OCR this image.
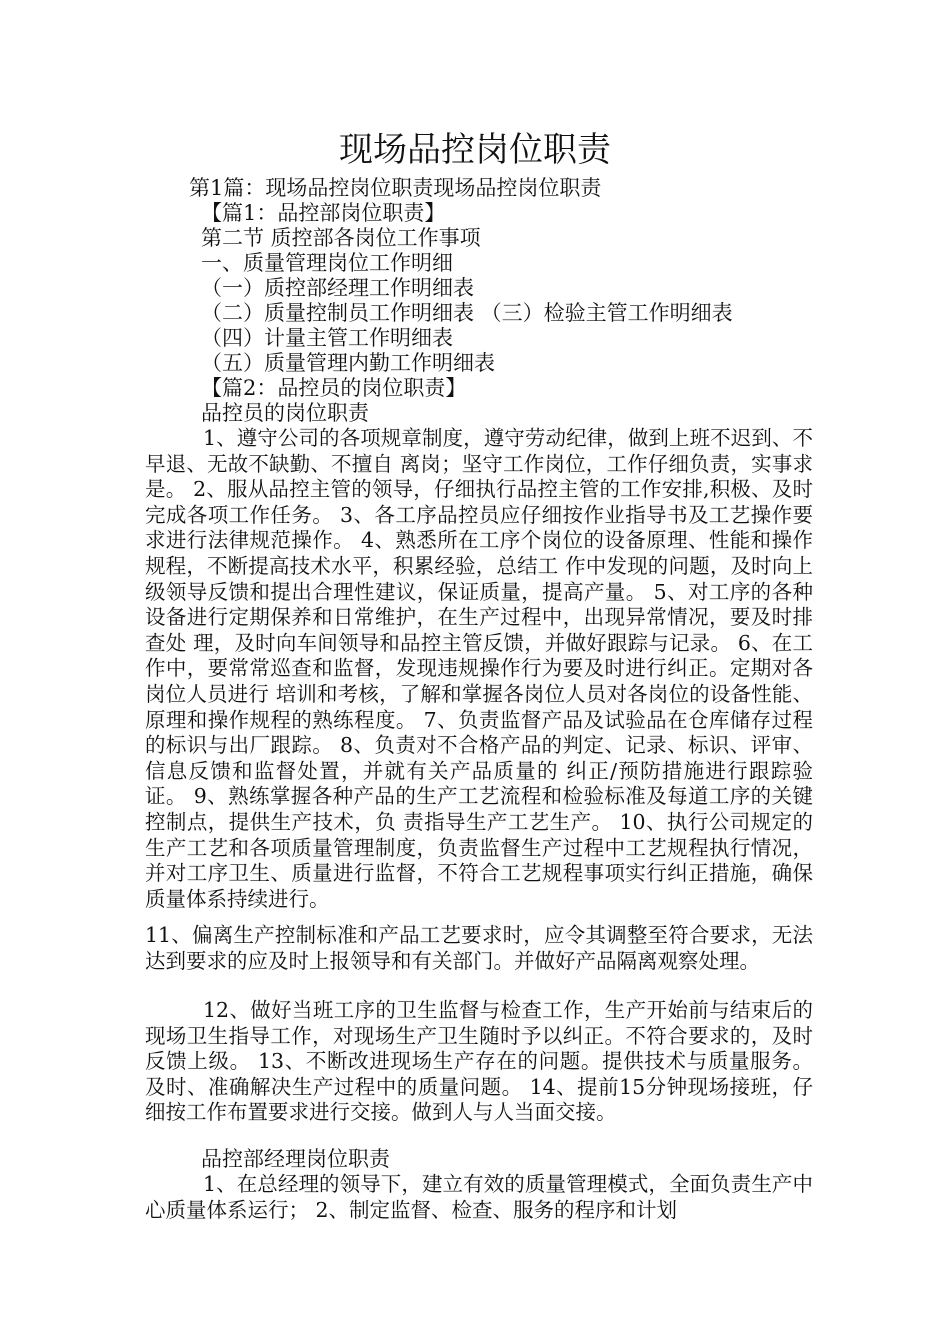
现场品控岗位职责
第1篇：现场品控岗位职责现场品控岗位职责
【篇1：品控部岗位职责】
第二节 质控部各岗位工作事项
一、质量管理岗位工作明细
（一）质控部经理工作明细表
（二）质量控制员工作明细表 （三）检验主管工作明细表
（四）计量主管工作明细表
（五）质量管理内勤工作明细表
【篇2：品控员的岗位职责】
品控员的岗位职责
1、遵守公司的各项规章制度，遵守劳动纪律，做到上班不迟到、不早退、无故不缺勤、不擅自 离岗；坚守工作岗位，工作仔细负责，实事求是。 2、服从品控主管的领导，仔细执行品控主管的工作安排,积极、及时完成各项工作任务。 3、各工序品控员应仔细按作业指导书及工艺操作要求进行法律规范操作。 4、熟悉所在工序个岗位的设备原理、性能和操作规程，不断提高技术水平，积累经验，总结工 作中发现的问题，及时向上级领导反馈和提出合理性建议，保证质量，提高产量。 5、对工序的各种设备进行定期保养和日常维护，在生产过程中，出现异常情况，要及时排查处 理，及时向车间领导和品控主管反馈，并做好跟踪与记录。 6、在工作中，要常常巡查和监督，发现违规操作行为要及时进行纠正。定期对各岗位人员进行 培训和考核，了解和掌握各岗位人员对各岗位的设备性能、原理和操作规程的熟练程度。 7、负责监督产品及试验品在仓库储存过程的标识与出厂跟踪。 8、负责对不合格产品的判定、记录、标识、评审、信息反馈和监督处置，并就有关产品质量的 纠正/预防措施进行跟踪验证。 9、熟练掌握各种产品的生产工艺流程和检验标准及每道工序的关键控制点，提供生产技术，负 责指导生产工艺生产。 10、执行公司规定的生产工艺和各项质量管理制度，负责监督生产过程中工艺规程执行情况， 并对工序卫生、质量进行监督，不符合工艺规程事项实行纠正措施，确保质量体系持续进行。
11、偏离生产控制标准和产品工艺要求时，应令其调整至符合要求，无法达到要求的应及时上报领导和有关部门。并做好产品隔离观察处理。
12、做好当班工序的卫生监督与检查工作，生产开始前与结束后的现场卫生指导工作，对现场生产卫生随时予以纠正。不符合要求的，及时反馈上级。 13、不断改进现场生产存在的问题。提供技术与质量服务。及时、准确解决生产过程中的质量问题。 14、提前15分钟现场接班，仔细按工作布置要求进行交接。做到人与人当面交接。
品控部经理岗位职责
1、在总经理的领导下，建立有效的质量管理模式，全面负责生产中心质量体系运行； 2、制定监督、检查、服务的程序和计划
